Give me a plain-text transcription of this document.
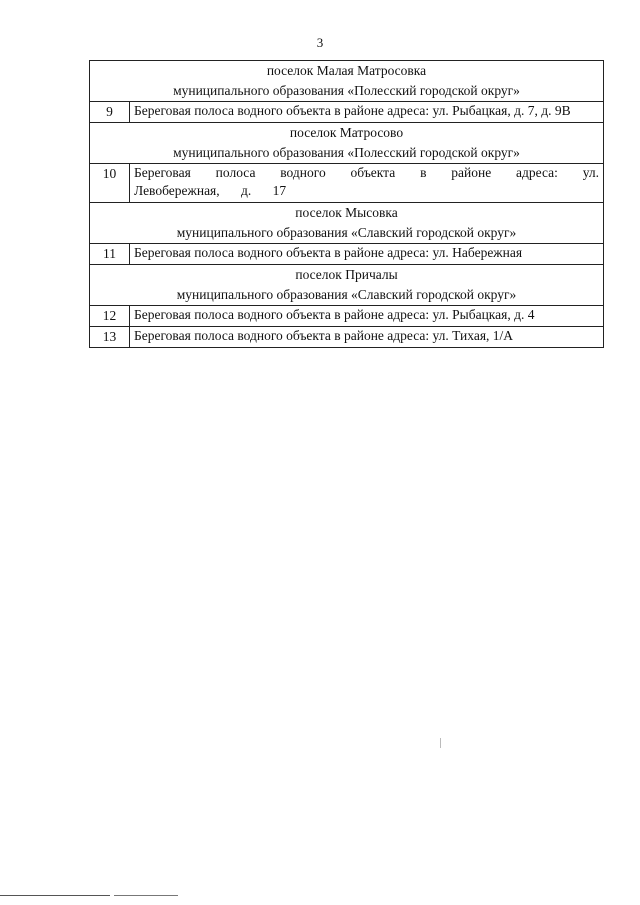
3
поселок Малая Матросовка
муниципального образования «Полесский городской округ»	

9	Береговая полоса водного объекта в районе адреса: ул. Рыбацкая, д. 7, д. 9В

поселок Матросово
муниципального образования «Полесский городской округ»	

10	Береговая полоса водного объекта в районе адреса: ул. Левобережная, д. 17

поселок Мысовка
муниципального образования «Славский городской округ»	

11	Береговая полоса водного объекта в районе адреса: ул. Набережная

поселок Причалы
муниципального образования «Славский городской округ»	

12	Береговая полоса водного объекта в районе адреса: ул. Рыбацкая, д. 4

13	Береговая полоса водного объекта в районе адреса: ул. Тихая, 1/А
